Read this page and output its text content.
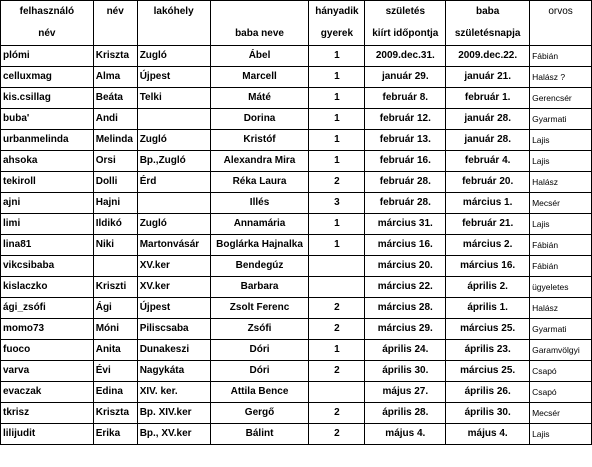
felhasználó	név	lakóhely		hányadik	születés	baba	orvos
név			baba neve	gyerek	kiírt időpontja	születésnapja	
plómi	Kriszta	Zugló	Ábel	1	2009.dec.31.	2009.dec.22.	Fábián
celluxmag	Alma	Újpest	Marcell	1	január 29.	január 21.	Halász ?
kis.csillag	Beáta	Telki	Máté	1	február 8.	február 1.	Gerencsér
buba'	Andi		Dorina	1	február 12.	január 28.	Gyarmati
urbanmelinda	Melinda	Zugló	Kristóf	1	február 13.	január 28.	Lajis
ahsoka	Orsi	Bp.,Zugló	Alexandra Mira	1	február 16.	február 4.	Lajis
tekiroll	Dolli	Érd	Réka Laura	2	február 28.	február 20.	Halász
ajni	Hajni		Illés	3	február 28.	március 1.	Mecsér
limi	Ildikó	Zugló	Annamária	1	március 31.	február 21.	Lajis
lina81	Niki	Martonvásár	Boglárka Hajnalka	1	március 16.	március 2.	Fábián
vikcsibaba		XV.ker	Bendegúz		március 20.	március 16.	Fábián
kislaczko	Kriszti	XV.ker	Barbara		március 22.	április 2.	ügyeletes
ági_zsófi	Ági	Újpest	Zsolt Ferenc	2	március 28.	április 1.	Halász
momo73	Móni	Piliscsaba	Zsófi	2	március 29.	március 25.	Gyarmati
fuoco	Anita	Dunakeszi	Dóri	1	április 24.	április 23.	Garamvölgyi
varva	Évi	Nagykáta	Dóri	2	április 30.	március 25.	Csapó
evaczak	Edina	XIV. ker.	Attila Bence		május 27.	április 26.	Csapó
tkrisz	Kriszta	Bp. XIV.ker	Gergő	2	április 28.	április 30.	Mecsér
lilijudit	Erika	Bp., XV.ker	Bálint	2	május 4.	május 4.	Lajis
